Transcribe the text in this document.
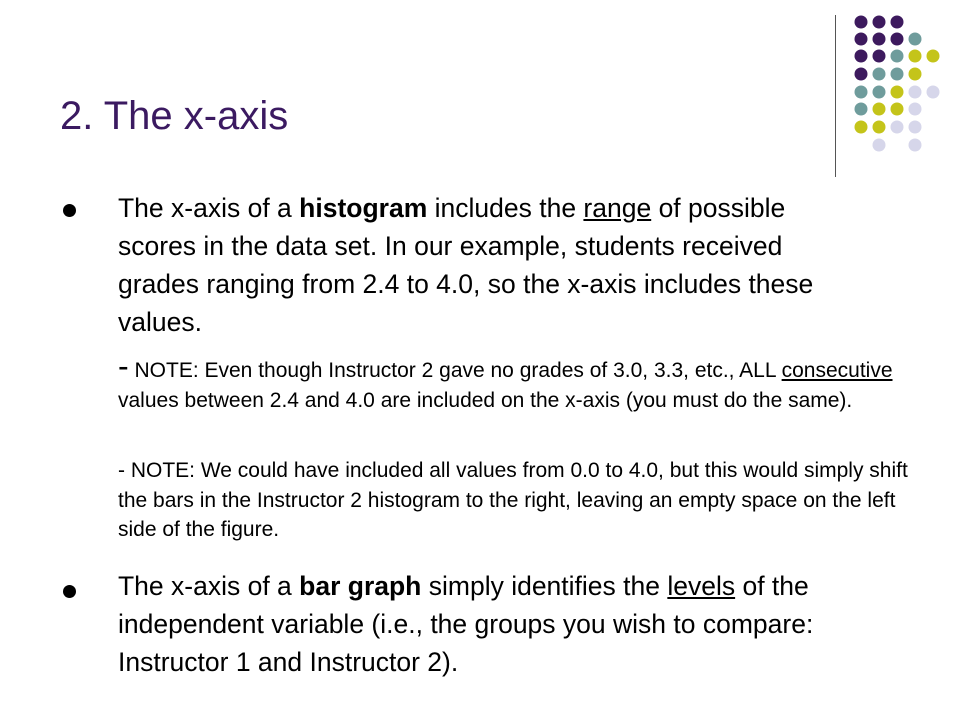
2. The x-axis

The x-axis of a histogram includes the range of possible scores in the data set. In our example, students received grades ranging from 2.4 to 4.0, so the x-axis includes these values.

- NOTE: Even though Instructor 2 gave no grades of 3.0, 3.3, etc., ALL consecutive values between 2.4 and 4.0 are included on the x-axis (you must do the same).

- NOTE: We could have included all values from 0.0 to 4.0, but this would simply shift the bars in the Instructor 2 histogram to the right, leaving an empty space on the left side of the figure.

The x-axis of a bar graph simply identifies the levels of the independent variable (i.e., the groups you wish to compare: Instructor 1 and Instructor 2).
